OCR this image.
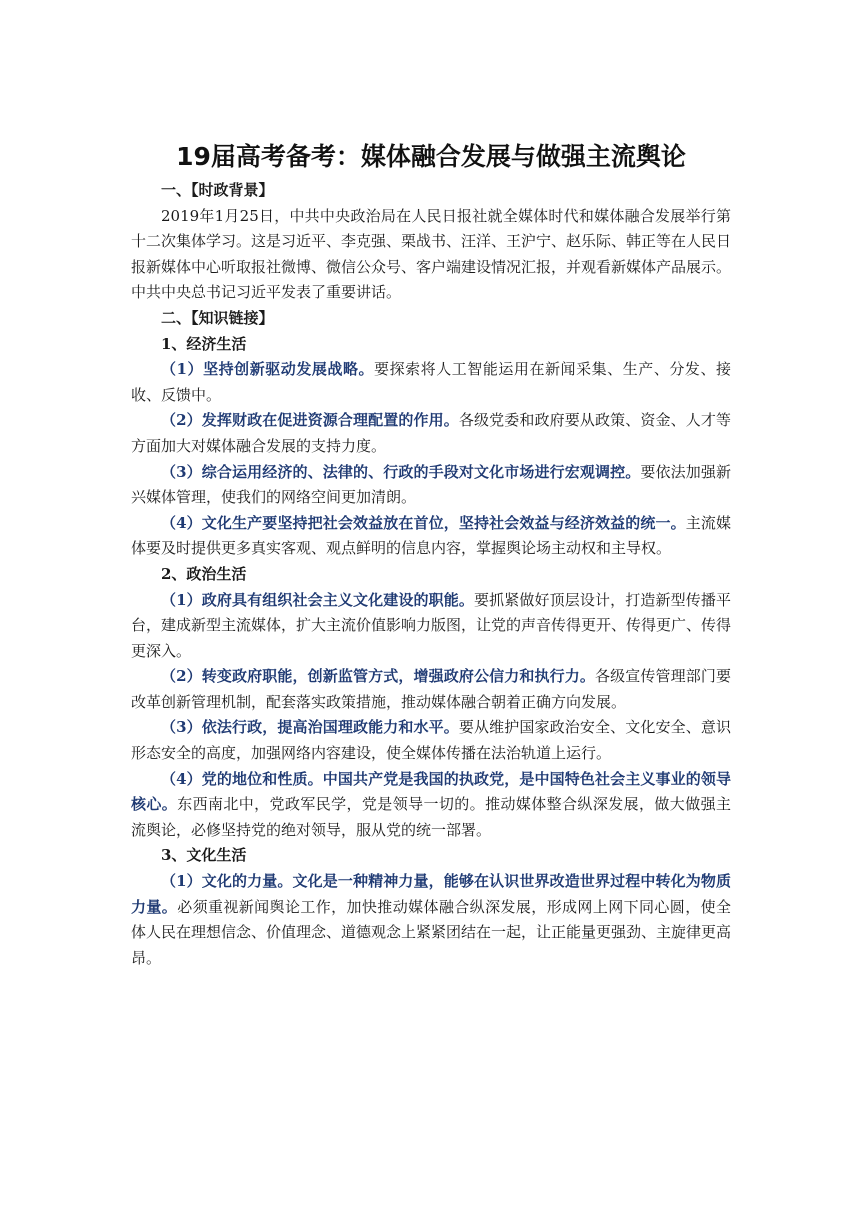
19届高考备考：媒体融合发展与做强主流舆论

一、【时政背景】

2019年1月25日，中共中央政治局在人民日报社就全媒体时代和媒体融合发展举行第十二次集体学习。这是习近平、李克强、栗战书、汪洋、王沪宁、赵乐际、韩正等在人民日报新媒体中心听取报社微博、微信公众号、客户端建设情况汇报，并观看新媒体产品展示。中共中央总书记习近平发表了重要讲话。

二、【知识链接】

1、经济生活

（1）坚持创新驱动发展战略。要探索将人工智能运用在新闻采集、生产、分发、接收、反馈中。

（2）发挥财政在促进资源合理配置的作用。各级党委和政府要从政策、资金、人才等方面加大对媒体融合发展的支持力度。

（3）综合运用经济的、法律的、行政的手段对文化市场进行宏观调控。要依法加强新兴媒体管理，使我们的网络空间更加清朗。

（4）文化生产要坚持把社会效益放在首位，坚持社会效益与经济效益的统一。主流媒体要及时提供更多真实客观、观点鲜明的信息内容，掌握舆论场主动权和主导权。

2、政治生活

（1）政府具有组织社会主义文化建设的职能。要抓紧做好顶层设计，打造新型传播平台，建成新型主流媒体，扩大主流价值影响力版图，让党的声音传得更开、传得更广、传得更深入。

（2）转变政府职能，创新监管方式，增强政府公信力和执行力。各级宣传管理部门要改革创新管理机制，配套落实政策措施，推动媒体融合朝着正确方向发展。

（3）依法行政，提高治国理政能力和水平。要从维护国家政治安全、文化安全、意识形态安全的高度，加强网络内容建设，使全媒体传播在法治轨道上运行。

（4）党的地位和性质。中国共产党是我国的执政党，是中国特色社会主义事业的领导核心。东西南北中，党政军民学，党是领导一切的。推动媒体整合纵深发展，做大做强主流舆论，必修坚持党的绝对领导，服从党的统一部署。

3、文化生活

（1）文化的力量。文化是一种精神力量，能够在认识世界改造世界过程中转化为物质力量。必须重视新闻舆论工作，加快推动媒体融合纵深发展，形成网上网下同心圆，使全体人民在理想信念、价值理念、道德观念上紧紧团结在一起，让正能量更强劲、主旋律更高昂。
